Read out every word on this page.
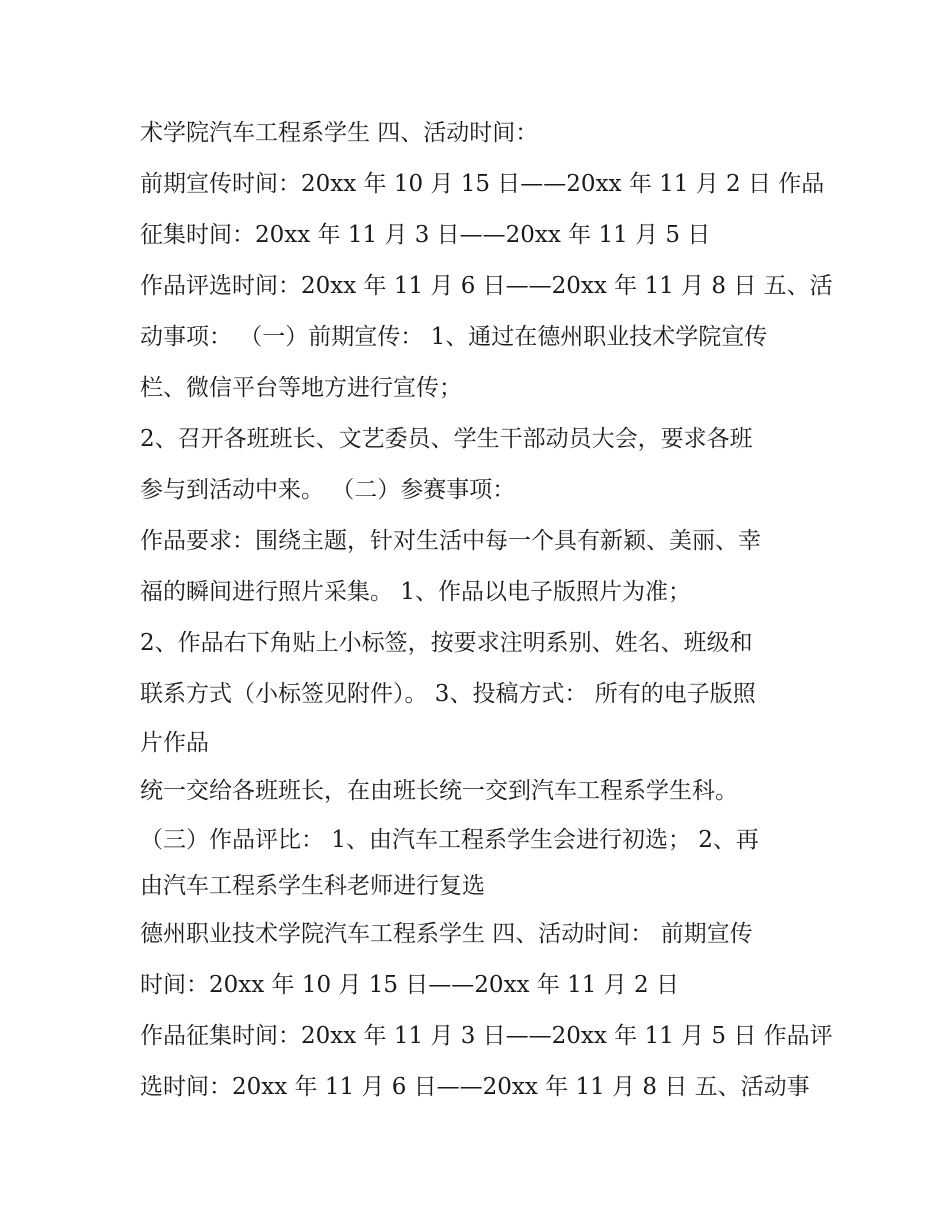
术学院汽车工程系学生 四、活动时间：
前期宣传时间：20xx 年 10 月 15 日——20xx 年 11 月 2 日 作品
征集时间：20xx 年 11 月 3 日——20xx 年 11 月 5 日
作品评选时间：20xx 年 11 月 6 日——20xx 年 11 月 8 日 五、活
动事项： （一）前期宣传： 1、通过在德州职业技术学院宣传
栏、微信平台等地方进行宣传；
2、召开各班班长、文艺委员、学生干部动员大会，要求各班
参与到活动中来。 （二）参赛事项：
作品要求：围绕主题，针对生活中每一个具有新颖、美丽、幸
福的瞬间进行照片采集。 1、作品以电子版照片为准；
2、作品右下角贴上小标签，按要求注明系别、姓名、班级和
联系方式（小标签见附件）。 3、投稿方式： 所有的电子版照
片作品
统一交给各班班长，在由班长统一交到汽车工程系学生科。
（三）作品评比： 1、由汽车工程系学生会进行初选； 2、再
由汽车工程系学生科老师进行复选
德州职业技术学院汽车工程系学生 四、活动时间： 前期宣传
时间：20xx 年 10 月 15 日——20xx 年 11 月 2 日
作品征集时间：20xx 年 11 月 3 日——20xx 年 11 月 5 日 作品评
选时间：20xx 年 11 月 6 日——20xx 年 11 月 8 日 五、活动事
